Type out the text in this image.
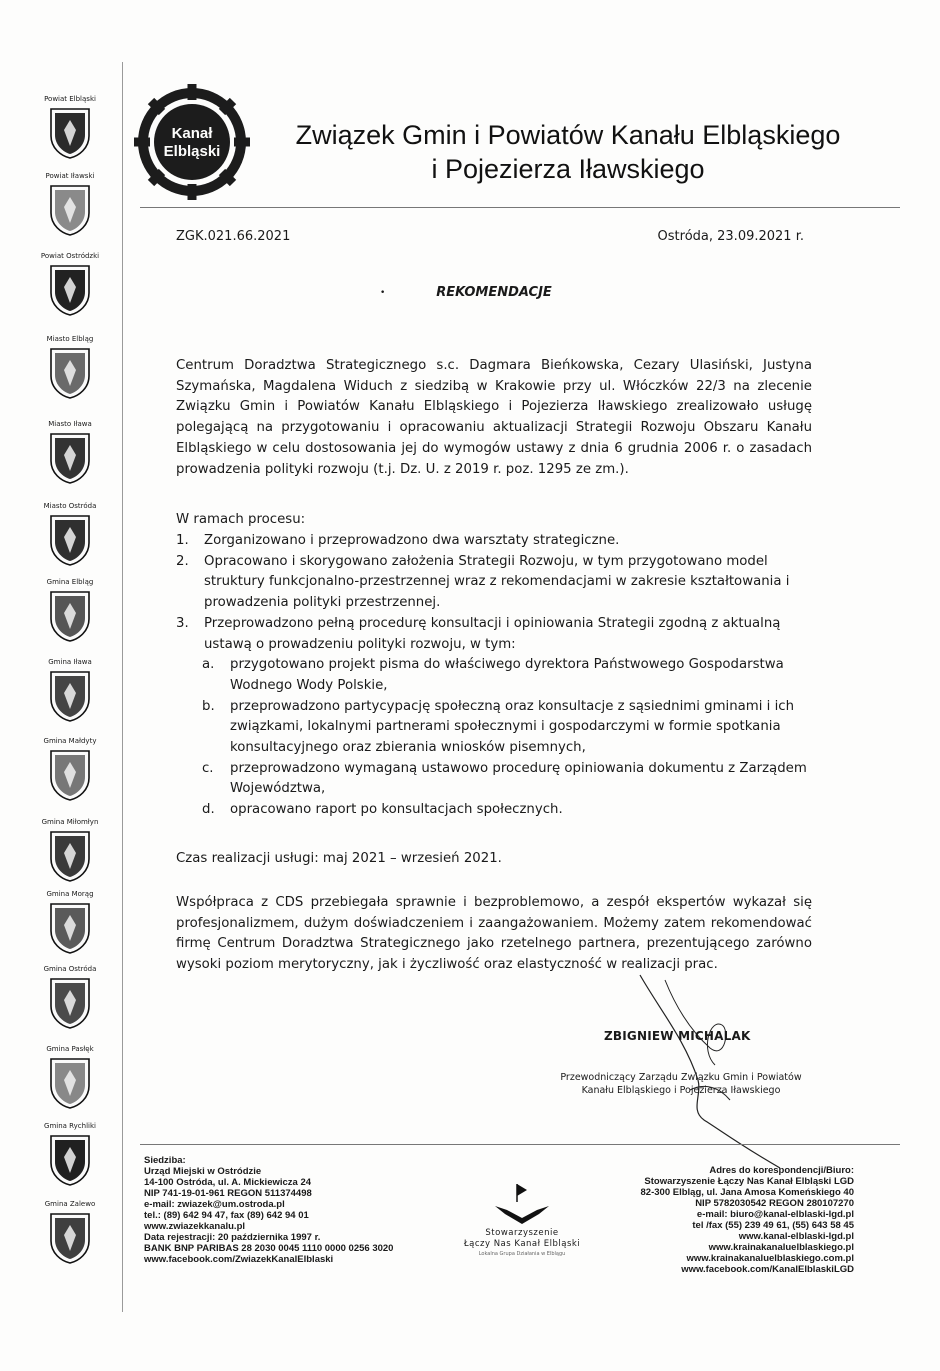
Powiat Elbląski
Powiat Iławski
Powiat Ostródzki
Miasto Elbląg
Miasto Iława
Miasto Ostróda
Gmina Elbląg
Gmina Iława
Gmina Małdyty
Gmina Miłomłyn
Gmina Morąg
Gmina Ostróda
Gmina Pasłęk
Gmina Rychliki
Gmina Zalewo
Kanał
Elbląski
Związek Gmin i Powiatów Kanału Elbląskiego
i Pojezierza Iławskiego
ZGK.021.66.2021	Ostróda, 23.09.2021 r.
•	REKOMENDACJE
Centrum Doradztwa Strategicznego s.c. Dagmara Bieńkowska, Cezary Ulasiński, Justyna Szymańska, Magdalena Widuch z siedzibą w Krakowie przy ul. Włóczków 22/3 na zlecenie Związku Gmin i Powiatów Kanału Elbląskiego i Pojezierza Iławskiego zrealizowało usługę polegającą na przygotowaniu i opracowaniu aktualizacji Strategii Rozwoju Obszaru Kanału Elbląskiego w celu dostosowania jej do wymogów ustawy z dnia 6 grudnia 2006 r. o zasadach prowadzenia polityki rozwoju (t.j. Dz. U. z 2019 r. poz. 1295 ze zm.).
W ramach procesu:
1. Zorganizowano i przeprowadzono dwa warsztaty strategiczne.
2. Opracowano i skorygowano założenia Strategii Rozwoju, w tym przygotowano model struktury funkcjonalno-przestrzennej wraz z rekomendacjami w zakresie kształtowania i prowadzenia polityki przestrzennej.
3. Przeprowadzono pełną procedurę konsultacji i opiniowania Strategii zgodną z aktualną ustawą o prowadzeniu polityki rozwoju, w tym:
a. przygotowano projekt pisma do właściwego dyrektora Państwowego Gospodarstwa Wodnego Wody Polskie,
b. przeprowadzono partycypację społeczną oraz konsultacje z sąsiednimi gminami i ich związkami, lokalnymi partnerami społecznymi i gospodarczymi w formie spotkania konsultacyjnego oraz zbierania wniosków pisemnych,
c. przeprowadzono wymaganą ustawowo procedurę opiniowania dokumentu z Zarządem Województwa,
d. opracowano raport po konsultacjach społecznych.
Czas realizacji usługi: maj 2021 – wrzesień 2021.
Współpraca z CDS przebiegała sprawnie i bezproblemowo, a zespół ekspertów wykazał się profesjonalizmem, dużym doświadczeniem i zaangażowaniem. Możemy zatem rekomendować firmę Centrum Doradztwa Strategicznego jako rzetelnego partnera, prezentującego zarówno wysoki poziom merytoryczny, jak i życzliwość oraz elastyczność w realizacji prac.
ZBIGNIEW MICHALAK
Przewodniczący Zarządu Związku Gmin i Powiatów
Kanału Elbląskiego i Pojezierza Iławskiego
Siedziba:
Urząd Miejski w Ostródzie
14-100 Ostróda, ul. A. Mickiewicza 24
NIP 741-19-01-961 REGON 511374498
e-mail: zwiazek@um.ostroda.pl
tel.: (89) 642 94 47, fax (89) 642 94 01
www.zwiazekkanalu.pl
Data rejestracji: 20 października 1997 r.
BANK BNP PARIBAS 28 2030 0045 1110 0000 0256 3020
www.facebook.com/ZwiazekKanalElblaski
Stowarzyszenie
Łączy Nas Kanał Elbląski
Lokalna Grupa Działania w Elblągu
Adres do korespondencji/Biuro:
Stowarzyszenie Łączy Nas Kanał Elbląski LGD
82-300 Elbląg, ul. Jana Amosa Komeńskiego 40
NIP 5782030542 REGON 280107270
e-mail: biuro@kanal-elblaski-lgd.pl
tel /fax (55) 239 49 61, (55) 643 58 45
www.kanal-elblaski-lgd.pl
www.krainakanaluelblaskiego.pl
www.krainakanaluelblaskiego.com.pl
www.facebook.com/KanalElblaskiLGD
